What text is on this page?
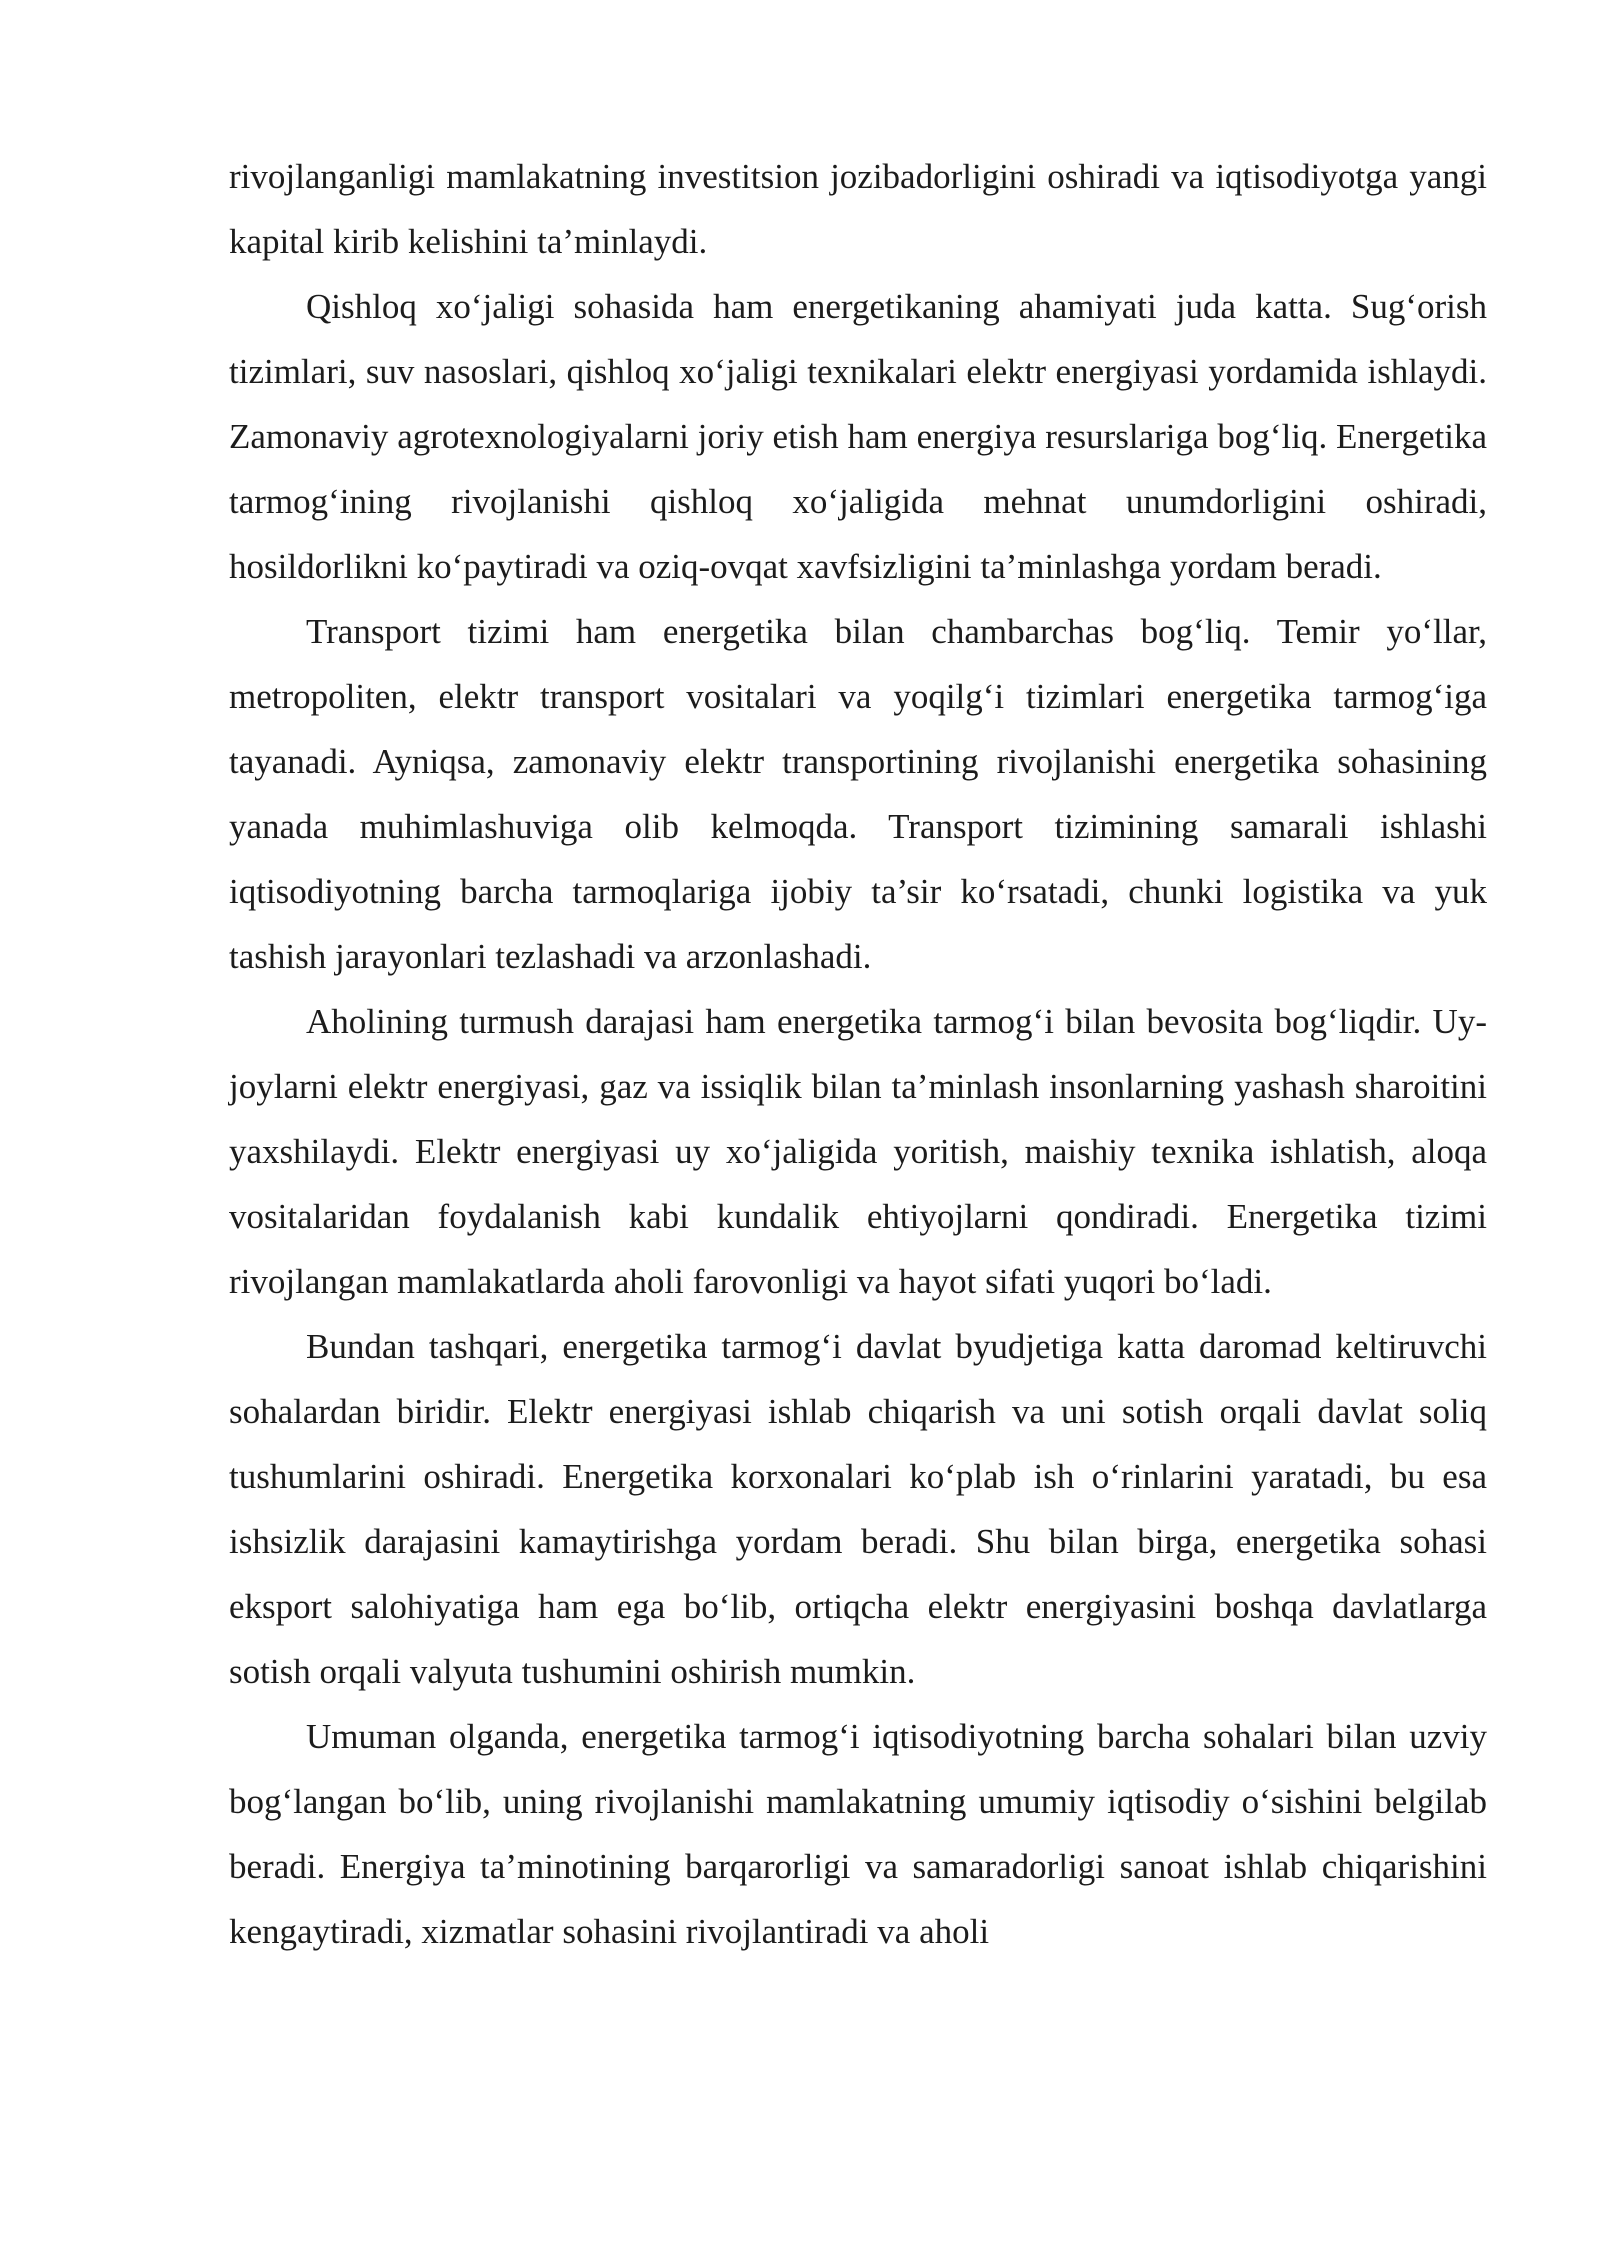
rivojlanganligi mamlakatning investitsion jozibadorligini oshiradi va iqtisodiyotga yangi kapital kirib kelishini ta’minlaydi.

Qishloq xo‘jaligi sohasida ham energetikaning ahamiyati juda katta. Sug‘orish tizimlari, suv nasoslari, qishloq xo‘jaligi texnikalari elektr energiyasi yordamida ishlaydi. Zamonaviy agrotexnologiyalarni joriy etish ham energiya resurslariga bog‘liq. Energetika tarmog‘ining rivojlanishi qishloq xo‘jaligida mehnat unumdorligini oshiradi, hosildorlikni ko‘paytiradi va oziq-ovqat xavfsizligini ta’minlashga yordam beradi.

Transport tizimi ham energetika bilan chambarchas bog‘liq. Temir yo‘llar, metropoliten, elektr transport vositalari va yoqilg‘i tizimlari energetika tarmog‘iga tayanadi. Ayniqsa, zamonaviy elektr transportining rivojlanishi energetika sohasining yanada muhimlashuviga olib kelmoqda. Transport tizimining samarali ishlashi iqtisodiyotning barcha tarmoqlariga ijobiy ta’sir ko‘rsatadi, chunki logistika va yuk tashish jarayonlari tezlashadi va arzonlashadi.

Aholining turmush darajasi ham energetika tarmog‘i bilan bevosita bog‘liqdir. Uy-joylarni elektr energiyasi, gaz va issiqlik bilan ta’minlash insonlarning yashash sharoitini yaxshilaydi. Elektr energiyasi uy xo‘jaligida yoritish, maishiy texnika ishlatish, aloqa vositalaridan foydalanish kabi kundalik ehtiyojlarni qondiradi. Energetika tizimi rivojlangan mamlakatlarda aholi farovonligi va hayot sifati yuqori bo‘ladi.

Bundan tashqari, energetika tarmog‘i davlat byudjetiga katta daromad keltiruvchi sohalardan biridir. Elektr energiyasi ishlab chiqarish va uni sotish orqali davlat soliq tushumlarini oshiradi. Energetika korxonalari ko‘plab ish o‘rinlarini yaratadi, bu esa ishsizlik darajasini kamaytirishga yordam beradi. Shu bilan birga, energetika sohasi eksport salohiyatiga ham ega bo‘lib, ortiqcha elektr energiyasini boshqa davlatlarga sotish orqali valyuta tushumini oshirish mumkin.

Umuman olganda, energetika tarmog‘i iqtisodiyotning barcha sohalari bilan uzviy bog‘langan bo‘lib, uning rivojlanishi mamlakatning umumiy iqtisodiy o‘sishini belgilab beradi. Energiya ta’minotining barqarorligi va samaradorligi sanoat ishlab chiqarishini kengaytiradi, xizmatlar sohasini rivojlantiradi va aholi
